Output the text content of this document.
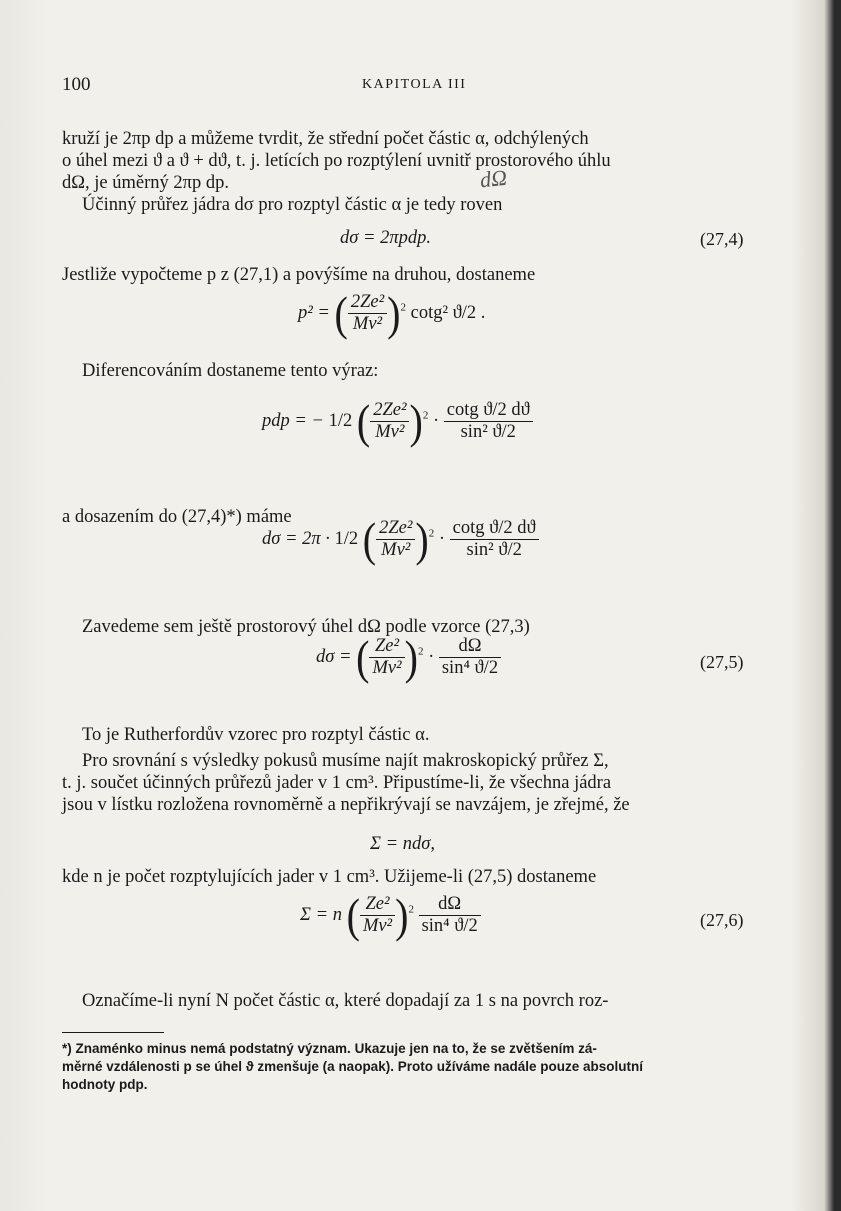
100	KAPITOLA III

kruží je 2πp dp a můžeme tvrdit, že střední počet částic α, odchýlených

o úhel mezi ϑ a ϑ + dϑ, t. j. letících po rozptýlení uvnitř prostorového úhlu

dΩ, je úměrný 2πp dp.	dΩ

Účinný průřez jádra dσ pro rozptyl částic α je tedy roven

dσ = 2πpdp.	(27,4)

Jestliže vypočteme p z (27,1) a povýšíme na druhou, dostaneme

p² = ( $\frac{\text{2Ze²}}{\text{Mv²}} )^2$ cotg² ϑ/2 .

Diferencováním dostaneme tento výraz:

pdp = − 1/2 ( $\frac{\text{2Ze²}}{\text{Mv²}} )^2 \cdot \frac{\text{cotg ϑ/2 dϑ}}{\text{sin² ϑ/2}}$

a dosazením do (27,4)*) máme

dσ = 2π · 1/2 ( $\frac{\text{2Ze²}}{\text{Mv²}} )^2 \cdot \frac{\text{cotg ϑ/2 dϑ}}{\text{sin² ϑ/2}}$

Zavedeme sem ještě prostorový úhel dΩ podle vzorce (27,3)

dσ = ( $\frac{\text{Ze²}}{\text{Mv²}} )^2 \cdot \frac{d\Omega}{\text{sin⁴ ϑ/2}}$	(27,5)

To je Rutherfordův vzorec pro rozptyl částic α.

Pro srovnání s výsledky pokusů musíme najít makroskopický průřez Σ,

t. j. součet účinných průřezů jader v 1 cm³. Připustíme-li, že všechna jádra

jsou v lístku rozložena rovnoměrně a nepřikrývají se navzájem, je zřejmé, že

Σ = ndσ,

kde n je počet rozptylujících jader v 1 cm³. Užijeme-li (27,5) dostaneme

Σ = n ( $\frac{\text{Ze²}}{\text{Mv²}} )^2 \frac{d\Omega}{\text{sin⁴ ϑ/2}}$	(27,6)

Označíme-li nyní N počet částic α, které dopadají za 1 s na povrch roz-

*) Znaménko minus nemá podstatný význam. Ukazuje jen na to, že se zvětšením zá-
měrné vzdálenosti p se úhel ϑ zmenšuje (a naopak). Proto užíváme nadále pouze absolutní
hodnoty pdp.
